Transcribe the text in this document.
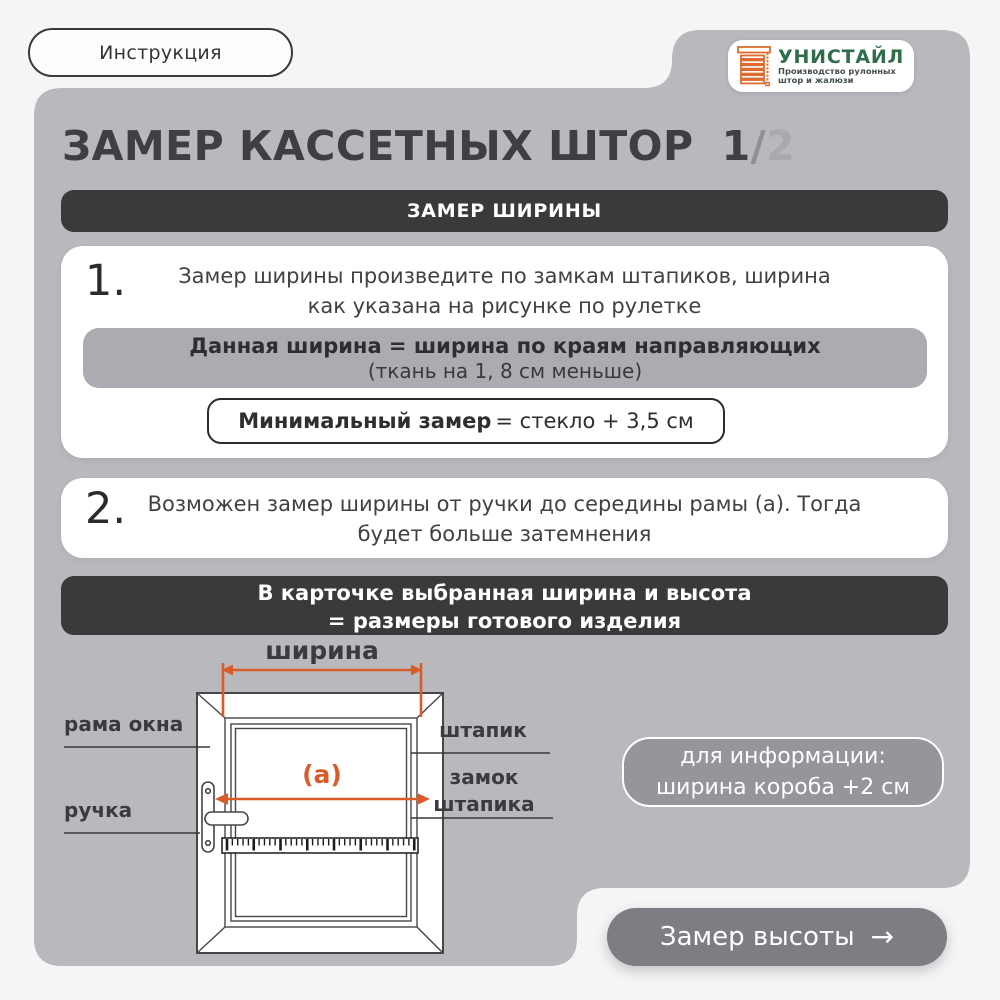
Инструкция	УНИСТАЙЛ
Производство рулонных
штор и жалюзи
ЗАМЕР КАССЕТНЫХ ШТОР 1/2
ЗАМЕР ШИРИНЫ
1.	Замер ширины произведите по замкам штапиков, ширина
как указана на рисунке по рулетке
Данная ширина = ширина по краям направляющих
(ткань на 1, 8 см меньше)
Минимальный замер = стекло + 3,5 см
2.	Возможен замер ширины от ручки до середины рамы (а). Тогда
будет больше затемнения
В карточке выбранная ширина и высота
= размеры готового изделия
ширина
рама окна
ручка
штапик
замок
штапика
(а)
для информации:
ширина короба +2 см
Замер высоты →
